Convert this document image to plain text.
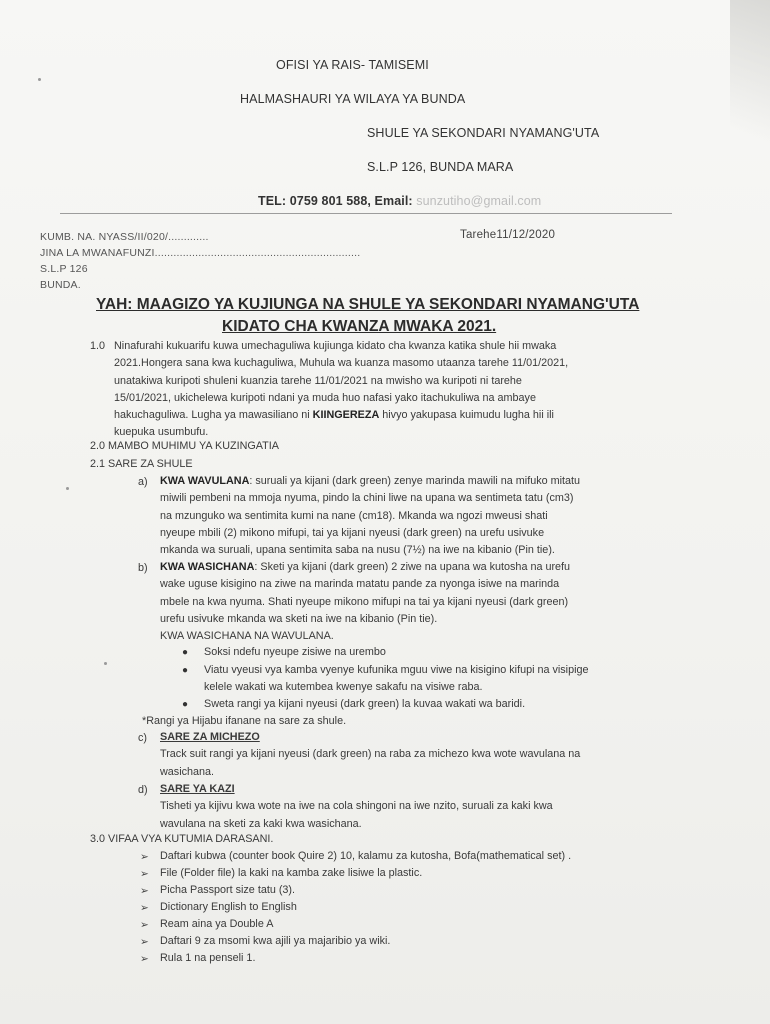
OFISI YA RAIS- TAMISEMI
HALMASHAURI YA WILAYA YA BUNDA
SHULE YA SEKONDARI NYAMANG'UTA
S.L.P 126, BUNDA MARA
TEL: 0759 801 588, Email: sunzutiho@gmail.com
KUMB. NA. NYASS/II/020/.............
JINA LA MWANAFUNZI..................................................................
S.L.P 126
BUNDA.
Tarehe11/12/2020
YAH: MAAGIZO YA KUJIUNGA NA SHULE YA SEKONDARI NYAMANG'UTA
KIDATO CHA KWANZA MWAKA 2021.
1.0 Ninafurahi kukuarifu kuwa umechaguliwa kujiunga kidato cha kwanza katika shule hii mwaka
2021.Hongera sana kwa kuchaguliwa, Muhula wa kuanza masomo utaanza tarehe 11/01/2021,
unatakiwa kuripoti shuleni kuanzia tarehe 11/01/2021 na mwisho wa kuripoti ni tarehe
15/01/2021, ukichelewa kuripoti ndani ya muda huo nafasi yako itachukuliwa na ambaye
hakuchaguliwa. Lugha ya mawasiliano ni KIINGEREZA hivyo yakupasa kuimudu lugha hii ili
kuepuka usumbufu.
2.0 MAMBO MUHIMU YA KUZINGATIA
2.1 SARE ZA SHULE
a) KWA WAVULANA: suruali ya kijani (dark green) zenye marinda mawili na mifuko mitatu
miwili pembeni na mmoja nyuma, pindo la chini liwe na upana wa sentimeta tatu (cm3)
na mzunguko wa sentimita kumi na nane (cm18). Mkanda wa ngozi mweusi shati
nyeupe mbili (2) mikono mifupi, tai ya kijani nyeusi (dark green) na urefu usivuke
mkanda wa suruali, upana sentimita saba na nusu (7½) na iwe na kibanio (Pin tie).
b) KWA WASICHANA: Sketi ya kijani (dark green) 2 ziwe na upana wa kutosha na urefu
wake uguse kisigino na ziwe na marinda matatu pande za nyonga isiwe na marinda
mbele na kwa nyuma. Shati nyeupe mikono mifupi na tai ya kijani nyeusi (dark green)
urefu usivuke mkanda wa sketi na iwe na kibanio (Pin tie).
KWA WASICHANA NA WAVULANA.
● Soksi ndefu nyeupe zisiwe na urembo
● Viatu vyeusi vya kamba vyenye kufunika mguu viwe na kisigino kifupi na visipige
kelele wakati wa kutembea kwenye sakafu na visiwe raba.
● Sweta rangi ya kijani nyeusi (dark green) la kuvaa wakati wa baridi.
*Rangi ya Hijabu ifanane na sare za shule.
c) SARE ZA MICHEZO
Track suit rangi ya kijani nyeusi (dark green) na raba za michezo kwa wote wavulana na
wasichana.
d) SARE YA KAZI
Tisheti ya kijivu kwa wote na iwe na cola shingoni na iwe nzito, suruali za kaki kwa
wavulana na sketi za kaki kwa wasichana.
3.0 VIFAA VYA KUTUMIA DARASANI.
➢ Daftari kubwa (counter book Quire 2) 10, kalamu za kutosha, Bofa(mathematical set) .
➢ File (Folder file) la kaki na kamba zake lisiwe la plastic.
➢ Picha Passport size tatu (3).
➢ Dictionary English to English
➢ Ream aina ya Double A
➢ Daftari 9 za msomi kwa ajili ya majaribio ya wiki.
➢ Rula 1 na penseli 1.
